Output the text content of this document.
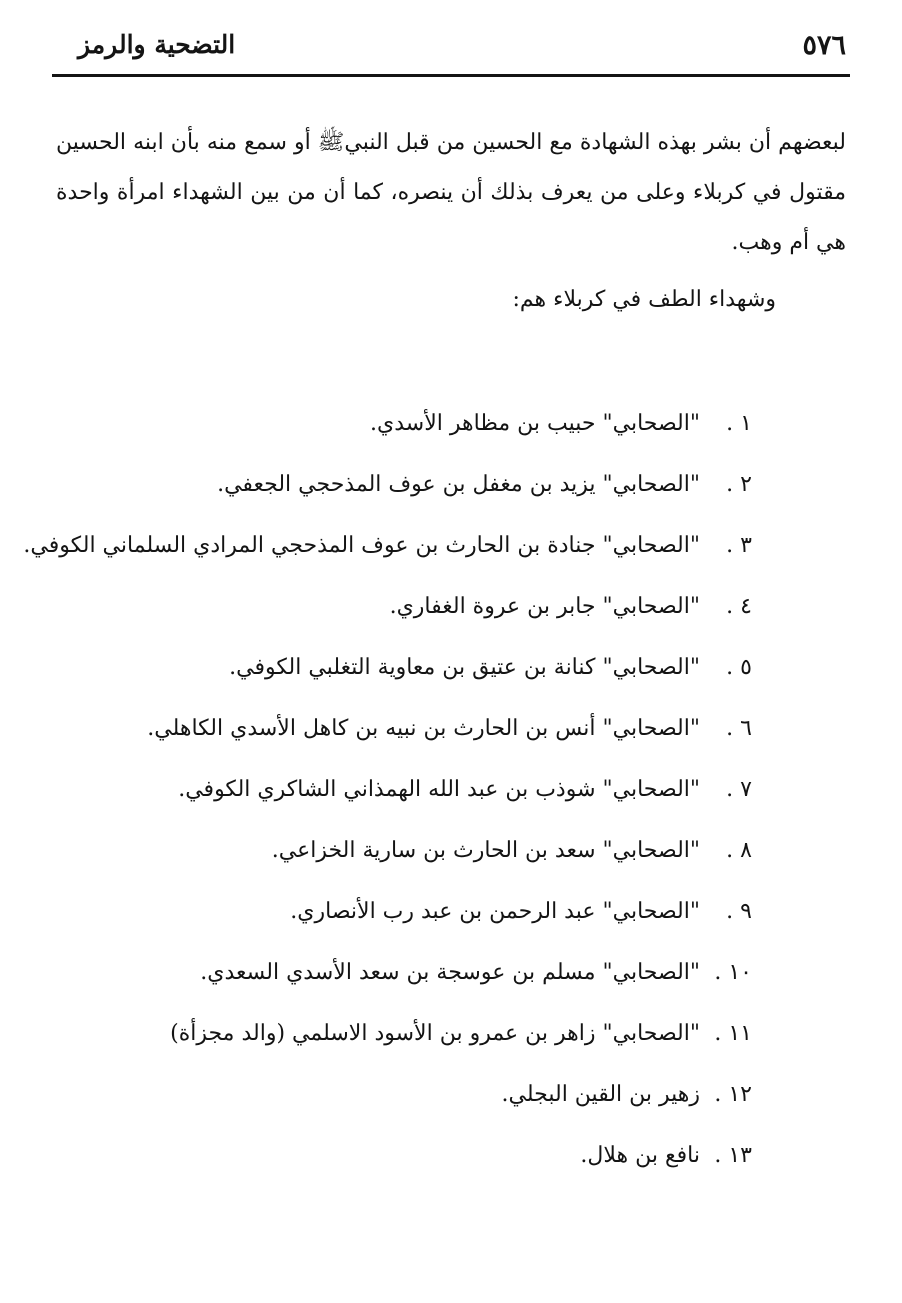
٥٧٦
التضحية والرمز

لبعضهم أن بشر بهذه الشهادة مع الحسين من قبل النبيﷺ أو سمع منه بأن ابنه الحسين مقتول في كربلاء وعلى من يعرف بذلك أن ينصره، كما أن من بين الشهداء امرأة واحدة هي أم وهب.

وشهداء الطف في كربلاء هم:

١ .
"الصحابي" حبيب بن مظاهر الأسدي.
٢ .
"الصحابي" يزيد بن مغفل بن عوف المذحجي الجعفي.
٣ .
"الصحابي" جنادة بن الحارث بن عوف المذحجي المرادي السلماني الكوفي.
٤ .
"الصحابي" جابر بن عروة الغفاري.
٥ .
"الصحابي" كنانة بن عتيق بن معاوية التغلبي الكوفي.
٦ .
"الصحابي" أنس بن الحارث بن نبيه بن كاهل الأسدي الكاهلي.
٧ .
"الصحابي" شوذب بن عبد الله الهمذاني الشاكري الكوفي.
٨ .
"الصحابي" سعد بن الحارث بن سارية الخزاعي.
٩ .
"الصحابي" عبد الرحمن بن عبد رب الأنصاري.
١٠ .
"الصحابي" مسلم بن عوسجة بن سعد الأسدي السعدي.
١١ .
"الصحابي" زاهر بن عمرو بن الأسود الاسلمي (والد مجزأة)
١٢ .
زهير بن القين البجلي.
١٣ .
نافع بن هلال.
